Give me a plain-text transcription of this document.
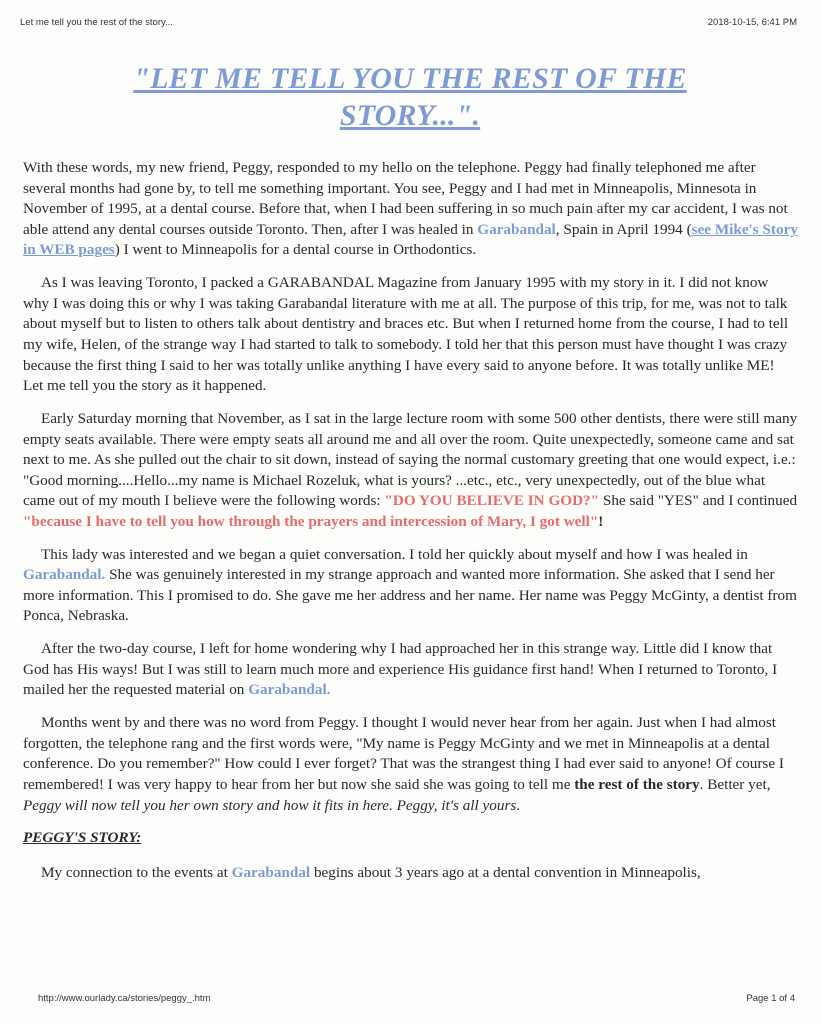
Let me tell you the rest of the story...	2018-10-15, 6:41 PM
"LET ME TELL YOU THE REST OF THE
STORY...".

With these words, my new friend, Peggy, responded to my hello on the telephone. Peggy had finally telephoned me after several months had gone by, to tell me something important. You see, Peggy and I had met in Minneapolis, Minnesota in November of 1995, at a dental course. Before that, when I had been suffering in so much pain after my car accident, I was not able attend any dental courses outside Toronto. Then, after I was healed in Garabandal, Spain in April 1994 (see Mike's Story in WEB pages) I went to Minneapolis for a dental course in Orthodontics.

As I was leaving Toronto, I packed a GARABANDAL Magazine from January 1995 with my story in it. I did not know why I was doing this or why I was taking Garabandal literature with me at all. The purpose of this trip, for me, was not to talk about myself but to listen to others talk about dentistry and braces etc. But when I returned home from the course, I had to tell my wife, Helen, of the strange way I had started to talk to somebody. I told her that this person must have thought I was crazy because the first thing I said to her was totally unlike anything I have every said to anyone before. It was totally unlike ME! Let me tell you the story as it happened.

Early Saturday morning that November, as I sat in the large lecture room with some 500 other dentists, there were still many empty seats available. There were empty seats all around me and all over the room. Quite unexpectedly, someone came and sat next to me. As she pulled out the chair to sit down, instead of saying the normal customary greeting that one would expect, i.e.: "Good morning....Hello...my name is Michael Rozeluk, what is yours? ...etc., etc., very unexpectedly, out of the blue what came out of my mouth I believe were the following words: "DO YOU BELIEVE IN GOD?" She said "YES" and I continued "because I have to tell you how through the prayers and intercession of Mary, I got well"!

This lady was interested and we began a quiet conversation. I told her quickly about myself and how I was healed in Garabandal. She was genuinely interested in my strange approach and wanted more information. She asked that I send her more information. This I promised to do. She gave me her address and her name. Her name was Peggy McGinty, a dentist from Ponca, Nebraska.

After the two-day course, I left for home wondering why I had approached her in this strange way. Little did I know that God has His ways! But I was still to learn much more and experience His guidance first hand! When I returned to Toronto, I mailed her the requested material on Garabandal.

Months went by and there was no word from Peggy. I thought I would never hear from her again. Just when I had almost forgotten, the telephone rang and the first words were, "My name is Peggy McGinty and we met in Minneapolis at a dental conference. Do you remember?" How could I ever forget? That was the strangest thing I had ever said to anyone! Of course I remembered! I was very happy to hear from her but now she said she was going to tell me the rest of the story. Better yet, Peggy will now tell you her own story and how it fits in here. Peggy, it's all yours.

PEGGY'S STORY:

My connection to the events at Garabandal begins about 3 years ago at a dental convention in Minneapolis,

http://www.ourlady.ca/stories/peggy_.htm	Page 1 of 4
